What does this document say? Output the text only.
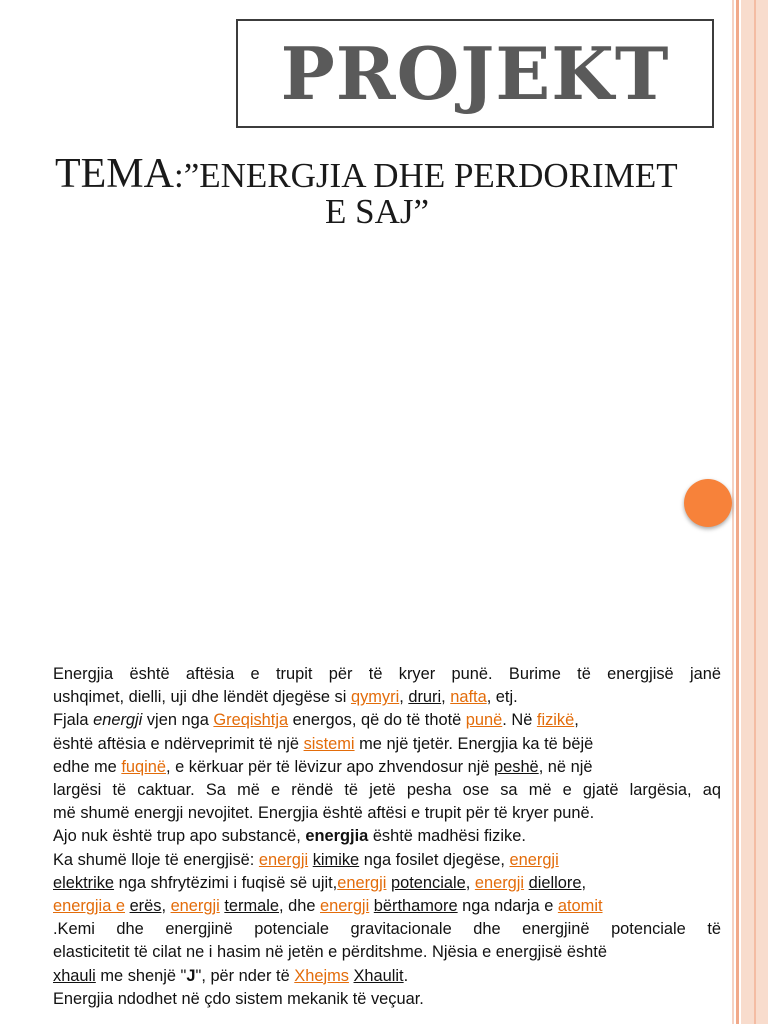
PROJEKT
TEMA:”ENERGJIA DHE PERDORIMET
E SAJ”

Energjia është aftësia e trupit për të kryer punë. Burime të energjisë janë

ushqimet, dielli, uji dhe lëndët djegëse si qymyri, druri, nafta, etj.

Fjala energji vjen nga Greqishtja energos, që do të thotë punë. Në fizikë,

është aftësia e ndërveprimit të një sistemi me një tjetër. Energjia ka të bëjë

edhe me fuqinë, e kërkuar për të lëvizur apo zhvendosur një peshë, në një

largësi të caktuar. Sa më e rëndë të jetë pesha ose sa më e gjatë largësia, aq

më shumë energji nevojitet. Energjia është aftësi e trupit për të kryer punë.

Ajo nuk është trup apo substancë, energjia është madhësi fizike.

Ka shumë lloje të energjisë: energji kimike nga fosilet djegëse, energji

elektrike nga shfrytëzimi i fuqisë së ujit,energji potenciale, energji diellore,

energjia e erës, energji termale, dhe energji bërthamore nga ndarja e atomit

.Kemi dhe energjinë potenciale gravitacionale dhe energjinë potenciale të

elasticitetit të cilat ne i hasim në jetën e përditshme. Njësia e energjisë është

xhauli me shenjë "J", për nder të Xhejms Xhaulit.

Energjia ndodhet në çdo sistem mekanik të veçuar.
